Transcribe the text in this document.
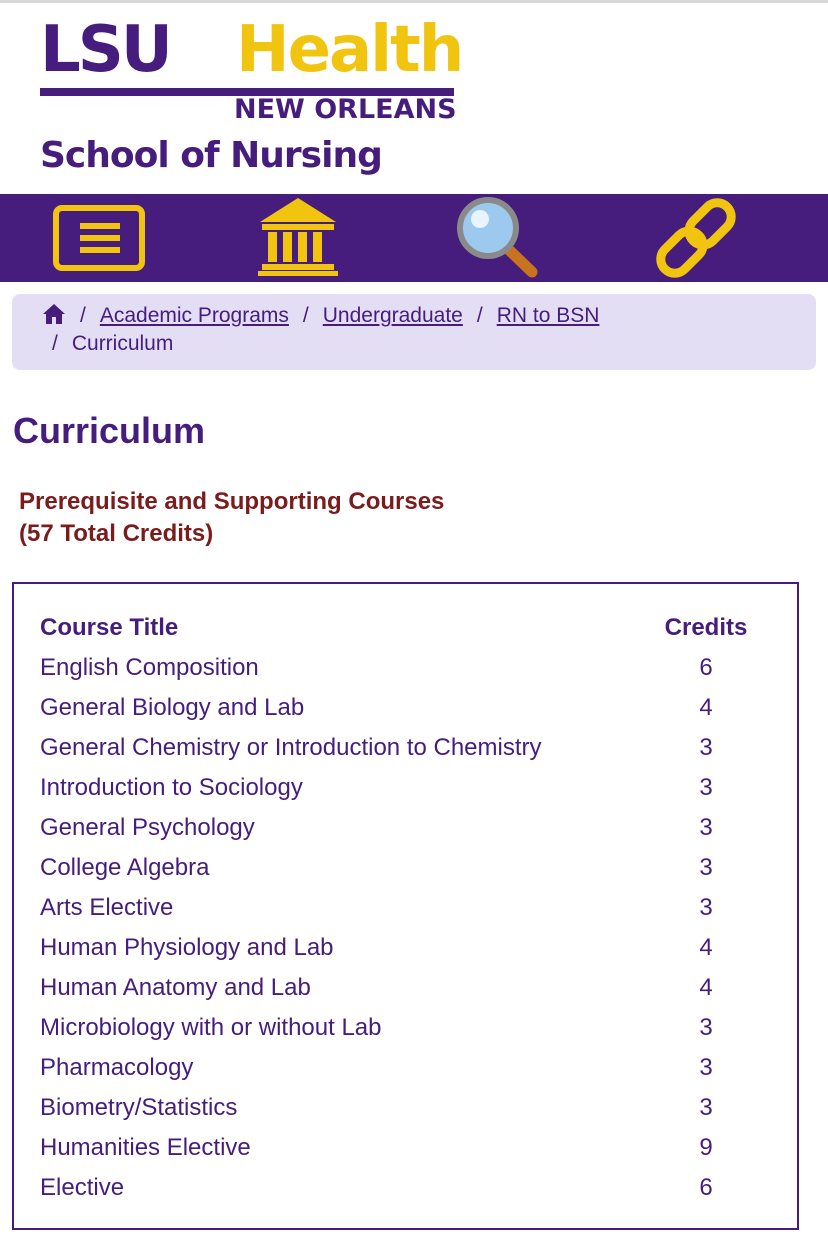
LSU Health
NEW ORLEANS
School of Nursing
/ Academic Programs / Undergraduate / RN to BSN
/ Curriculum
Curriculum
Prerequisite and Supporting Courses
(57 Total Credits)
Course Title	Credits
English Composition	6
General Biology and Lab	4
General Chemistry or Introduction to Chemistry	3
Introduction to Sociology	3
General Psychology	3
College Algebra	3
Arts Elective	3
Human Physiology and Lab	4
Human Anatomy and Lab	4
Microbiology with or without Lab	3
Pharmacology	3
Biometry/Statistics	3
Humanities Elective	9
Elective	6
